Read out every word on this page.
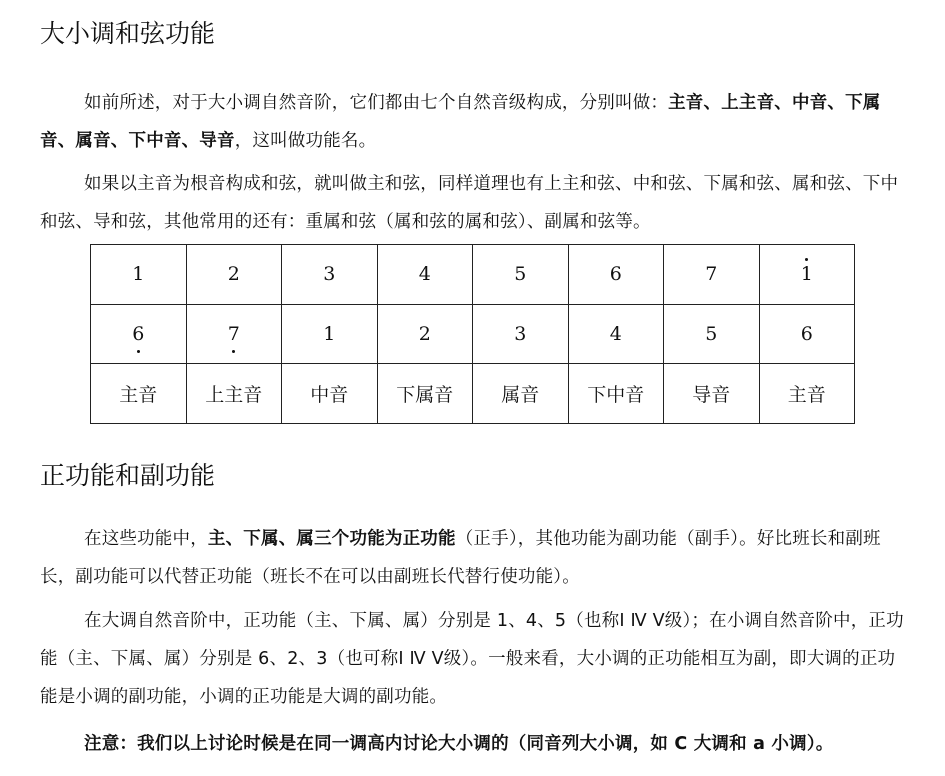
大小调和弦功能

如前所述，对于大小调自然音阶，它们都由七个自然音级构成，分别叫做：主音、上主音、中音、下属音、属音、下中音、导音，这叫做功能名。

如果以主音为根音构成和弦，就叫做主和弦，同样道理也有上主和弦、中和弦、下属和弦、属和弦、下中和弦、导和弦，其他常用的还有：重属和弦（属和弦的属和弦）、副属和弦等。

1	2	3	4	5	6	7	1
6	7	1	2	3	4	5	6
主音	上主音	中音	下属音	属音	下中音	导音	主音
正功能和副功能

在这些功能中，主、下属、属三个功能为正功能（正手），其他功能为副功能（副手）。好比班长和副班长，副功能可以代替正功能（班长不在可以由副班长代替行使功能）。

在大调自然音阶中，正功能（主、下属、属）分别是 1、4、5（也称Ⅰ Ⅳ Ⅴ级）；在小调自然音阶中，正功能（主、下属、属）分别是 6、2、3（也可称Ⅰ Ⅳ Ⅴ级）。一般来看，大小调的正功能相互为副，即大调的正功能是小调的副功能，小调的正功能是大调的副功能。

注意：我们以上讨论时候是在同一调高内讨论大小调的（同音列大小调，如 C 大调和 a 小调）。
